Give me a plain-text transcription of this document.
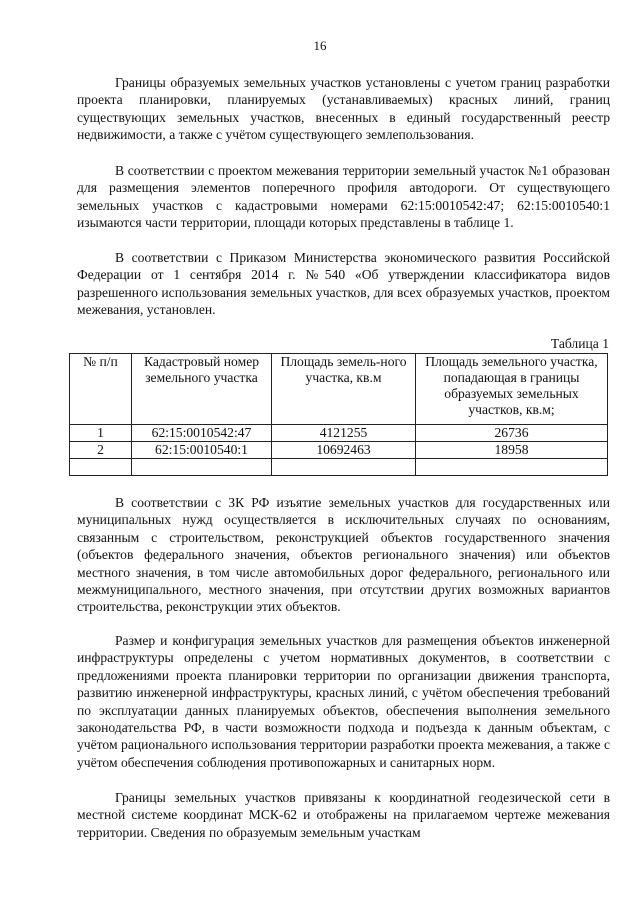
16

Границы образуемых земельных участков установлены с учетом границ разработки проекта планировки, планируемых (устанавливаемых) красных линий, границ существующих земельных участков, внесенных в единый государственный реестр недвижимости, а также с учётом существующего землепользования.

В соответствии с проектом межевания территории земельный участок №1 образован для размещения элементов поперечного профиля автодороги. От существующего земельных участков с кадастровыми номерами 62:15:0010542:47; 62:15:0010540:1 изымаются части территории, площади которых представлены в таблице 1.

В соответствии с Приказом Министерства экономического развития Российской Федерации от 1 сентября 2014 г. №540 «Об утверждении классификатора видов разрешенного использования земельных участков, для всех образуемых участков, проектом межевания, установлен.

Таблица 1
№ п/п	Кадастровый номер земельного участка	Площадь земель-ного участка, кв.м	Площадь земельного участка, попадающая в границы образуемых земельных участков, кв.м;
1	62:15:0010542:47	4121255	26736
2	62:15:0010540:1	10692463	18958

В соответствии с ЗК РФ изъятие земельных участков для государственных или муниципальных нужд осуществляется в исключительных случаях по основаниям, связанным с строительством, реконструкцией объектов государственного значения (объектов федерального значения, объектов регионального значения) или объектов местного значения, в том числе автомобильных дорог федерального, регионального или межмуниципального, местного значения, при отсутствии других возможных вариантов строительства, реконструкции этих объектов.

Размер и конфигурация земельных участков для размещения объектов инженерной инфраструктуры определены с учетом нормативных документов, в соответствии с предложениями проекта планировки территории по организации движения транспорта, развитию инженерной инфраструктуры, красных линий, с учётом обеспечения требований по эксплуатации данных планируемых объектов, обеспечения выполнения земельного законодательства РФ, в части возможности подхода и подъезда к данным объектам, с учётом рационального использования территории разработки проекта межевания, а также с учётом обеспечения соблюдения противопожарных и санитарных норм.

Границы земельных участков привязаны к координатной геодезической сети в местной системе координат МСК-62 и отображены на прилагаемом чертеже межевания территории. Сведения по образуемым земельным участкам
